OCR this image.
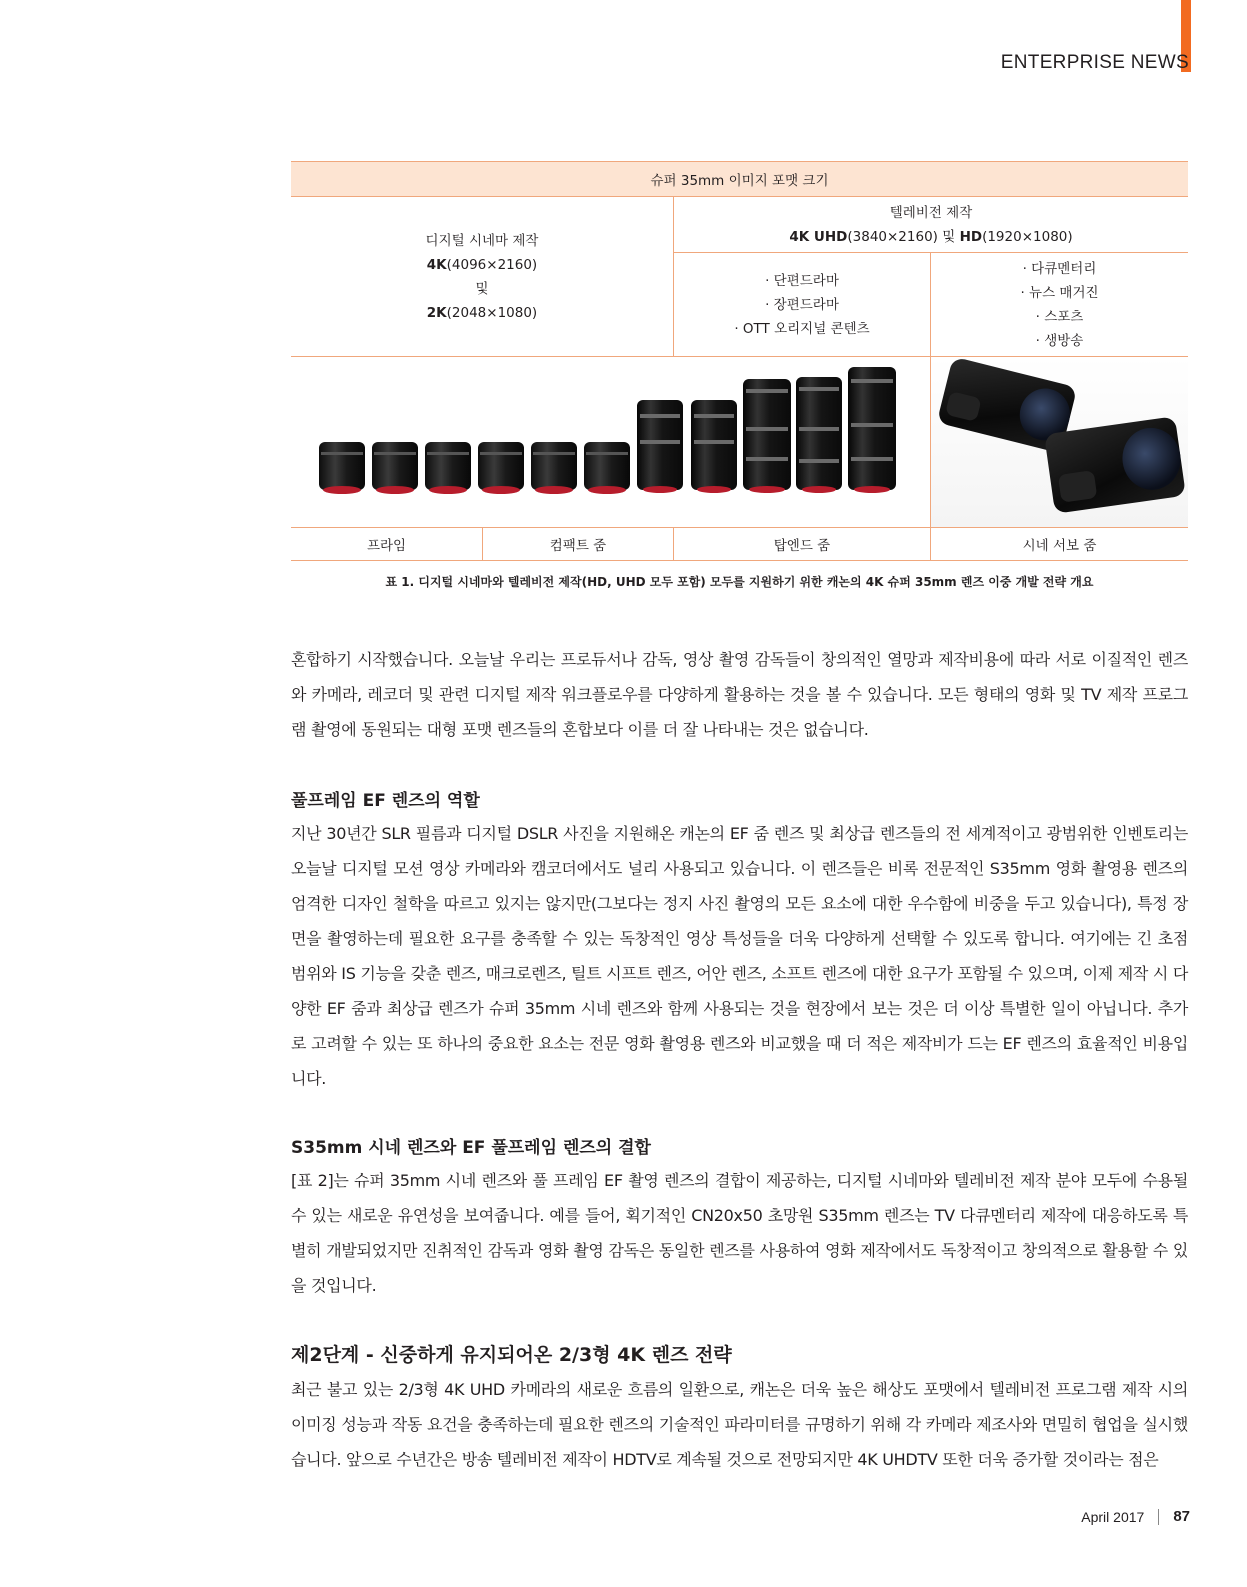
ENTERPRISE NEWS
슈퍼 35mm 이미지 포맷 크기
디지털 시네마 제작
4K(4096×2160)
및
2K(2048×1080)
텔레비전 제작
4K UHD(3840×2160) 및 HD(1920×1080)
· 단편드라마
· 장편드라마
· OTT 오리지널 콘텐츠
· 다큐멘터리
· 뉴스 매거진
· 스포츠
· 생방송
프라임	컴팩트 줌	탑엔드 줌	시네 서보 줌
표 1. 디지털 시네마와 텔레비전 제작(HD, UHD 모두 포함) 모두를 지원하기 위한 캐논의 4K 슈퍼 35mm 렌즈 이중 개발 전략 개요

혼합하기 시작했습니다. 오늘날 우리는 프로듀서나 감독, 영상 촬영 감독들이 창의적인 열망과 제작비용에 따라 서로 이질적인 렌즈와 카메라, 레코더 및 관련 디지털 제작 워크플로우를 다양하게 활용하는 것을 볼 수 있습니다. 모든 형태의 영화 및 TV 제작 프로그램 촬영에 동원되는 대형 포맷 렌즈들의 혼합보다 이를 더 잘 나타내는 것은 없습니다.

풀프레임 EF 렌즈의 역할

지난 30년간 SLR 필름과 디지털 DSLR 사진을 지원해온 캐논의 EF 줌 렌즈 및 최상급 렌즈들의 전 세계적이고 광범위한 인벤토리는 오늘날 디지털 모션 영상 카메라와 캠코더에서도 널리 사용되고 있습니다. 이 렌즈들은 비록 전문적인 S35mm 영화 촬영용 렌즈의 엄격한 디자인 철학을 따르고 있지는 않지만(그보다는 정지 사진 촬영의 모든 요소에 대한 우수함에 비중을 두고 있습니다), 특정 장면을 촬영하는데 필요한 요구를 충족할 수 있는 독창적인 영상 특성들을 더욱 다양하게 선택할 수 있도록 합니다. 여기에는 긴 초점 범위와 IS 기능을 갖춘 렌즈, 매크로렌즈, 틸트 시프트 렌즈, 어안 렌즈, 소프트 렌즈에 대한 요구가 포함될 수 있으며, 이제 제작 시 다양한 EF 줌과 최상급 렌즈가 슈퍼 35mm 시네 렌즈와 함께 사용되는 것을 현장에서 보는 것은 더 이상 특별한 일이 아닙니다. 추가로 고려할 수 있는 또 하나의 중요한 요소는 전문 영화 촬영용 렌즈와 비교했을 때 더 적은 제작비가 드는 EF 렌즈의 효율적인 비용입니다.

S35mm 시네 렌즈와 EF 풀프레임 렌즈의 결합

[표 2]는 슈퍼 35mm 시네 렌즈와 풀 프레임 EF 촬영 렌즈의 결합이 제공하는, 디지털 시네마와 텔레비전 제작 분야 모두에 수용될 수 있는 새로운 유연성을 보여줍니다. 예를 들어, 획기적인 CN20x50 초망원 S35mm 렌즈는 TV 다큐멘터리 제작에 대응하도록 특별히 개발되었지만 진취적인 감독과 영화 촬영 감독은 동일한 렌즈를 사용하여 영화 제작에서도 독창적이고 창의적으로 활용할 수 있을 것입니다.

제2단계 - 신중하게 유지되어온 2/3형 4K 렌즈 전략

최근 불고 있는 2/3형 4K UHD 카메라의 새로운 흐름의 일환으로, 캐논은 더욱 높은 해상도 포맷에서 텔레비전 프로그램 제작 시의 이미징 성능과 작동 요건을 충족하는데 필요한 렌즈의 기술적인 파라미터를 규명하기 위해 각 카메라 제조사와 면밀히 협업을 실시했습니다. 앞으로 수년간은 방송 텔레비전 제작이 HDTV로 계속될 것으로 전망되지만 4K UHDTV 또한 더욱 증가할 것이라는 점은

April 2017 87
